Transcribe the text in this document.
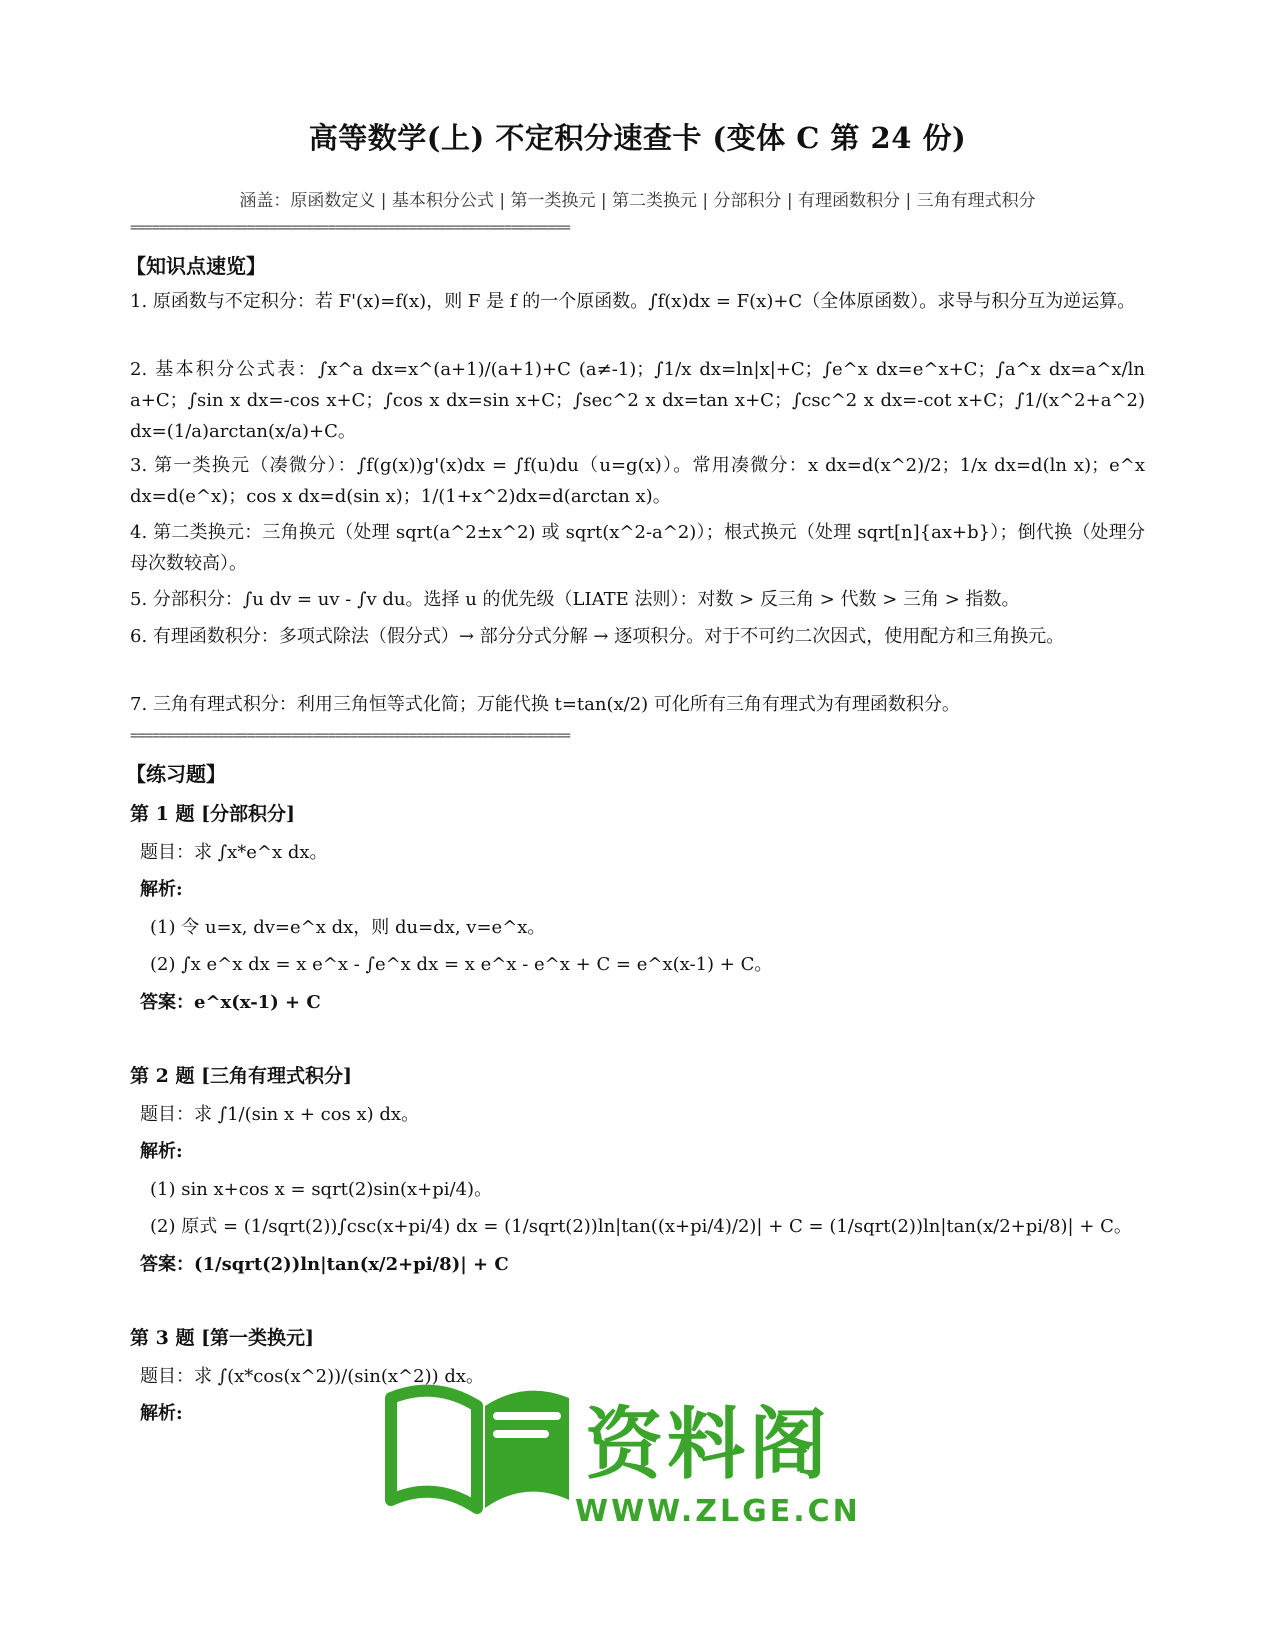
高等数学(上) 不定积分速查卡 (变体 C 第 24 份)
涵盖：原函数定义 | 基本积分公式 | 第一类换元 | 第二类换元 | 分部积分 | 有理函数积分 | 三角有理式积分
============================================================
【知识点速览】
1. 原函数与不定积分：若 F'(x)=f(x)，则 F 是 f 的一个原函数。∫f(x)dx = F(x)+C（全体原函数）。求导与积分互为逆运算。
2. 基本积分公式表：∫x^a dx=x^(a+1)/(a+1)+C (a≠-1)；∫1/x dx=ln|x|+C；∫e^x dx=e^x+C；∫a^x dx=a^x/ln a+C；∫sin x dx=-cos x+C；∫cos x dx=sin x+C；∫sec^2 x dx=tan x+C；∫csc^2 x dx=-cot x+C；∫1/(x^2+a^2) dx=(1/a)arctan(x/a)+C。
3. 第一类换元（凑微分）：∫f(g(x))g'(x)dx = ∫f(u)du（u=g(x)）。常用凑微分：x dx=d(x^2)/2；1/x dx=d(ln x)；e^x dx=d(e^x)；cos x dx=d(sin x)；1/(1+x^2)dx=d(arctan x)。
4. 第二类换元：三角换元（处理 sqrt(a^2±x^2) 或 sqrt(x^2-a^2)）；根式换元（处理 sqrt[n]{ax+b}）；倒代换（处理分母次数较高）。
5. 分部积分：∫u dv = uv - ∫v du。选择 u 的优先级（LIATE 法则）：对数 > 反三角 > 代数 > 三角 > 指数。
6. 有理函数积分：多项式除法（假分式）→ 部分分式分解 → 逐项积分。对于不可约二次因式，使用配方和三角换元。
7. 三角有理式积分：利用三角恒等式化简；万能代换 t=tan(x/2) 可化所有三角有理式为有理函数积分。
============================================================
【练习题】
第 1 题 [分部积分]
题目：求 ∫x*e^x dx。
解析:
(1) 令 u=x, dv=e^x dx，则 du=dx, v=e^x。
(2) ∫x e^x dx = x e^x - ∫e^x dx = x e^x - e^x + C = e^x(x-1) + C。
答案：e^x(x-1) + C
第 2 题 [三角有理式积分]
题目：求 ∫1/(sin x + cos x) dx。
解析:
(1) sin x+cos x = sqrt(2)sin(x+pi/4)。
(2) 原式 = (1/sqrt(2))∫csc(x+pi/4) dx = (1/sqrt(2))ln|tan((x+pi/4)/2)| + C = (1/sqrt(2))ln|tan(x/2+pi/8)| + C。
答案：(1/sqrt(2))ln|tan(x/2+pi/8)| + C
第 3 题 [第一类换元]
题目：求 ∫(x*cos(x^2))/(sin(x^2)) dx。
解析:	资料阁
WWW.ZLGE.CN
